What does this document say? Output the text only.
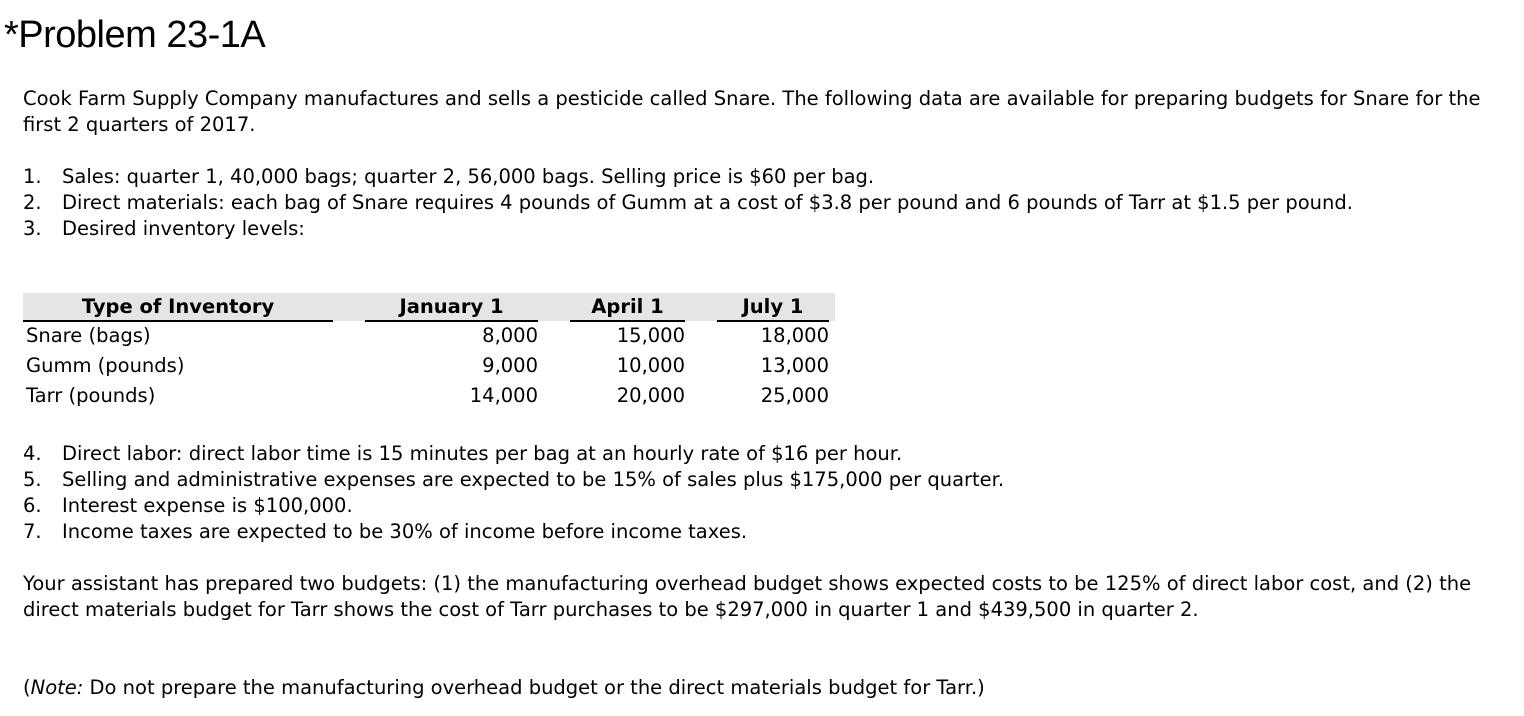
*Problem 23-1A
Cook Farm Supply Company manufactures and sells a pesticide called Snare. The following data are available for preparing budgets for Snare for the first 2 quarters of 2017.
1.	Sales: quarter 1, 40,000 bags; quarter 2, 56,000 bags. Selling price is $60 per bag.
2.	Direct materials: each bag of Snare requires 4 pounds of Gumm at a cost of $3.8 per pound and 6 pounds of Tarr at $1.5 per pound.
3.	Desired inventory levels:
Type of Inventory	January 1	April 1	July 1
Snare (bags)	8,000	15,000	18,000
Gumm (pounds)	9,000	10,000	13,000
Tarr (pounds)	14,000	20,000	25,000
4.	Direct labor: direct labor time is 15 minutes per bag at an hourly rate of $16 per hour.
5.	Selling and administrative expenses are expected to be 15% of sales plus $175,000 per quarter.
6.	Interest expense is $100,000.
7.	Income taxes are expected to be 30% of income before income taxes.
Your assistant has prepared two budgets: (1) the manufacturing overhead budget shows expected costs to be 125% of direct labor cost, and (2) the direct materials budget for Tarr shows the cost of Tarr purchases to be $297,000 in quarter 1 and $439,500 in quarter 2.
(Note: Do not prepare the manufacturing overhead budget or the direct materials budget for Tarr.)
